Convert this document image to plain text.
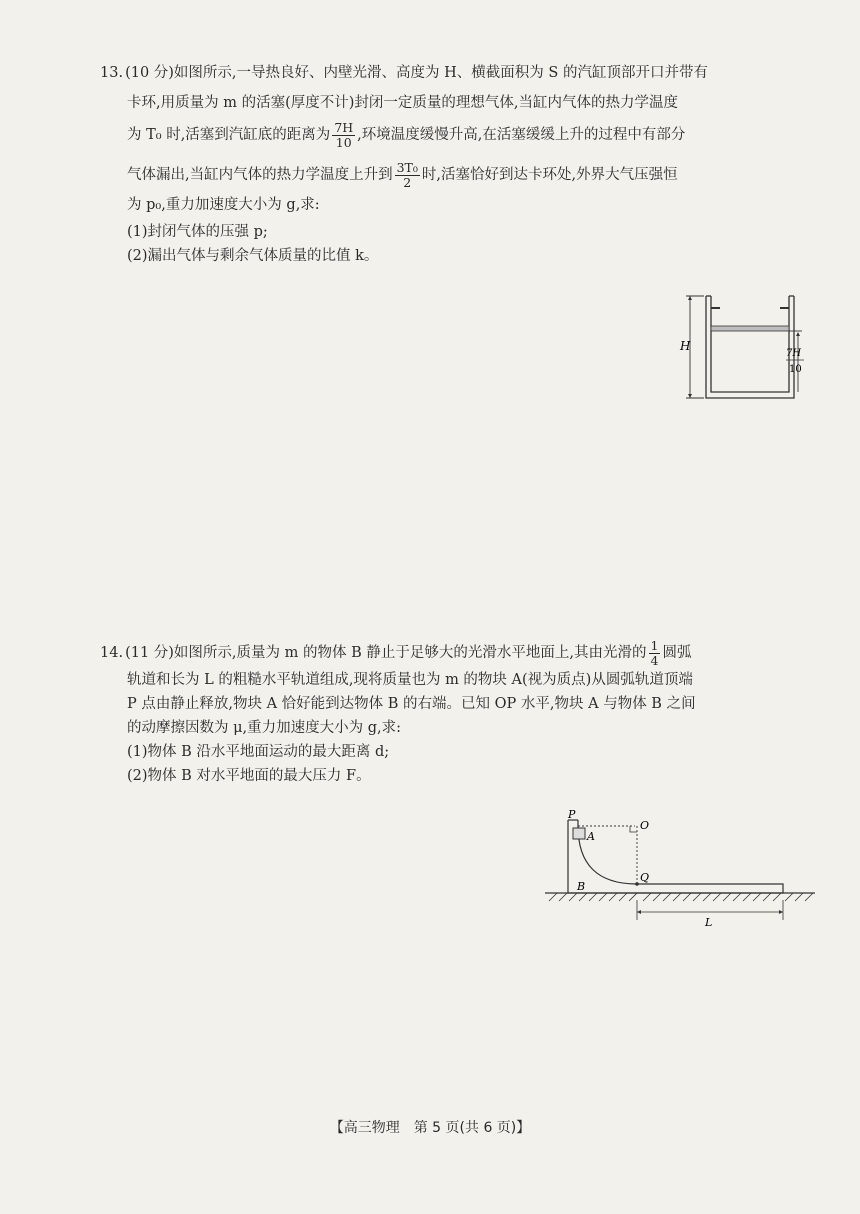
13. (10 分)如图所示,一导热良好、内壁光滑、高度为 H、横截面积为 S 的汽缸顶部开口并带有

卡环,用质量为 m 的活塞(厚度不计)封闭一定质量的理想气体,当缸内气体的热力学温度

为 T₀ 时,活塞到汽缸底的距离为 $\frac{7H}{10}$ ,环境温度缓慢升高,在活塞缓缓上升的过程中有部分

气体漏出,当缸内气体的热力学温度上升到 $\frac{\text{3T₀}}{2}$ 时,活塞恰好到达卡环处,外界大气压强恒

为 p₀,重力加速度大小为 g,求:

(1)封闭气体的压强 p;

(2)漏出气体与剩余气体质量的比值 k。

H
7H
10

14. (11 分)如图所示,质量为 m 的物体 B 静止于足够大的光滑水平地面上,其由光滑的 $\frac{1}{4}$ 圆弧

轨道和长为 L 的粗糙水平轨道组成,现将质量也为 m 的物块 A(视为质点)从圆弧轨道顶端

P 点由静止释放,物块 A 恰好能到达物体 B 的右端。已知 OP 水平,物块 A 与物体 B 之间

的动摩擦因数为 μ,重力加速度大小为 g,求:

(1)物体 B 沿水平地面运动的最大距离 d;

(2)物体 B 对水平地面的最大压力 F。

P
A
O
B
Q
L
【高三物理　第 5 页(共 6 页)】
